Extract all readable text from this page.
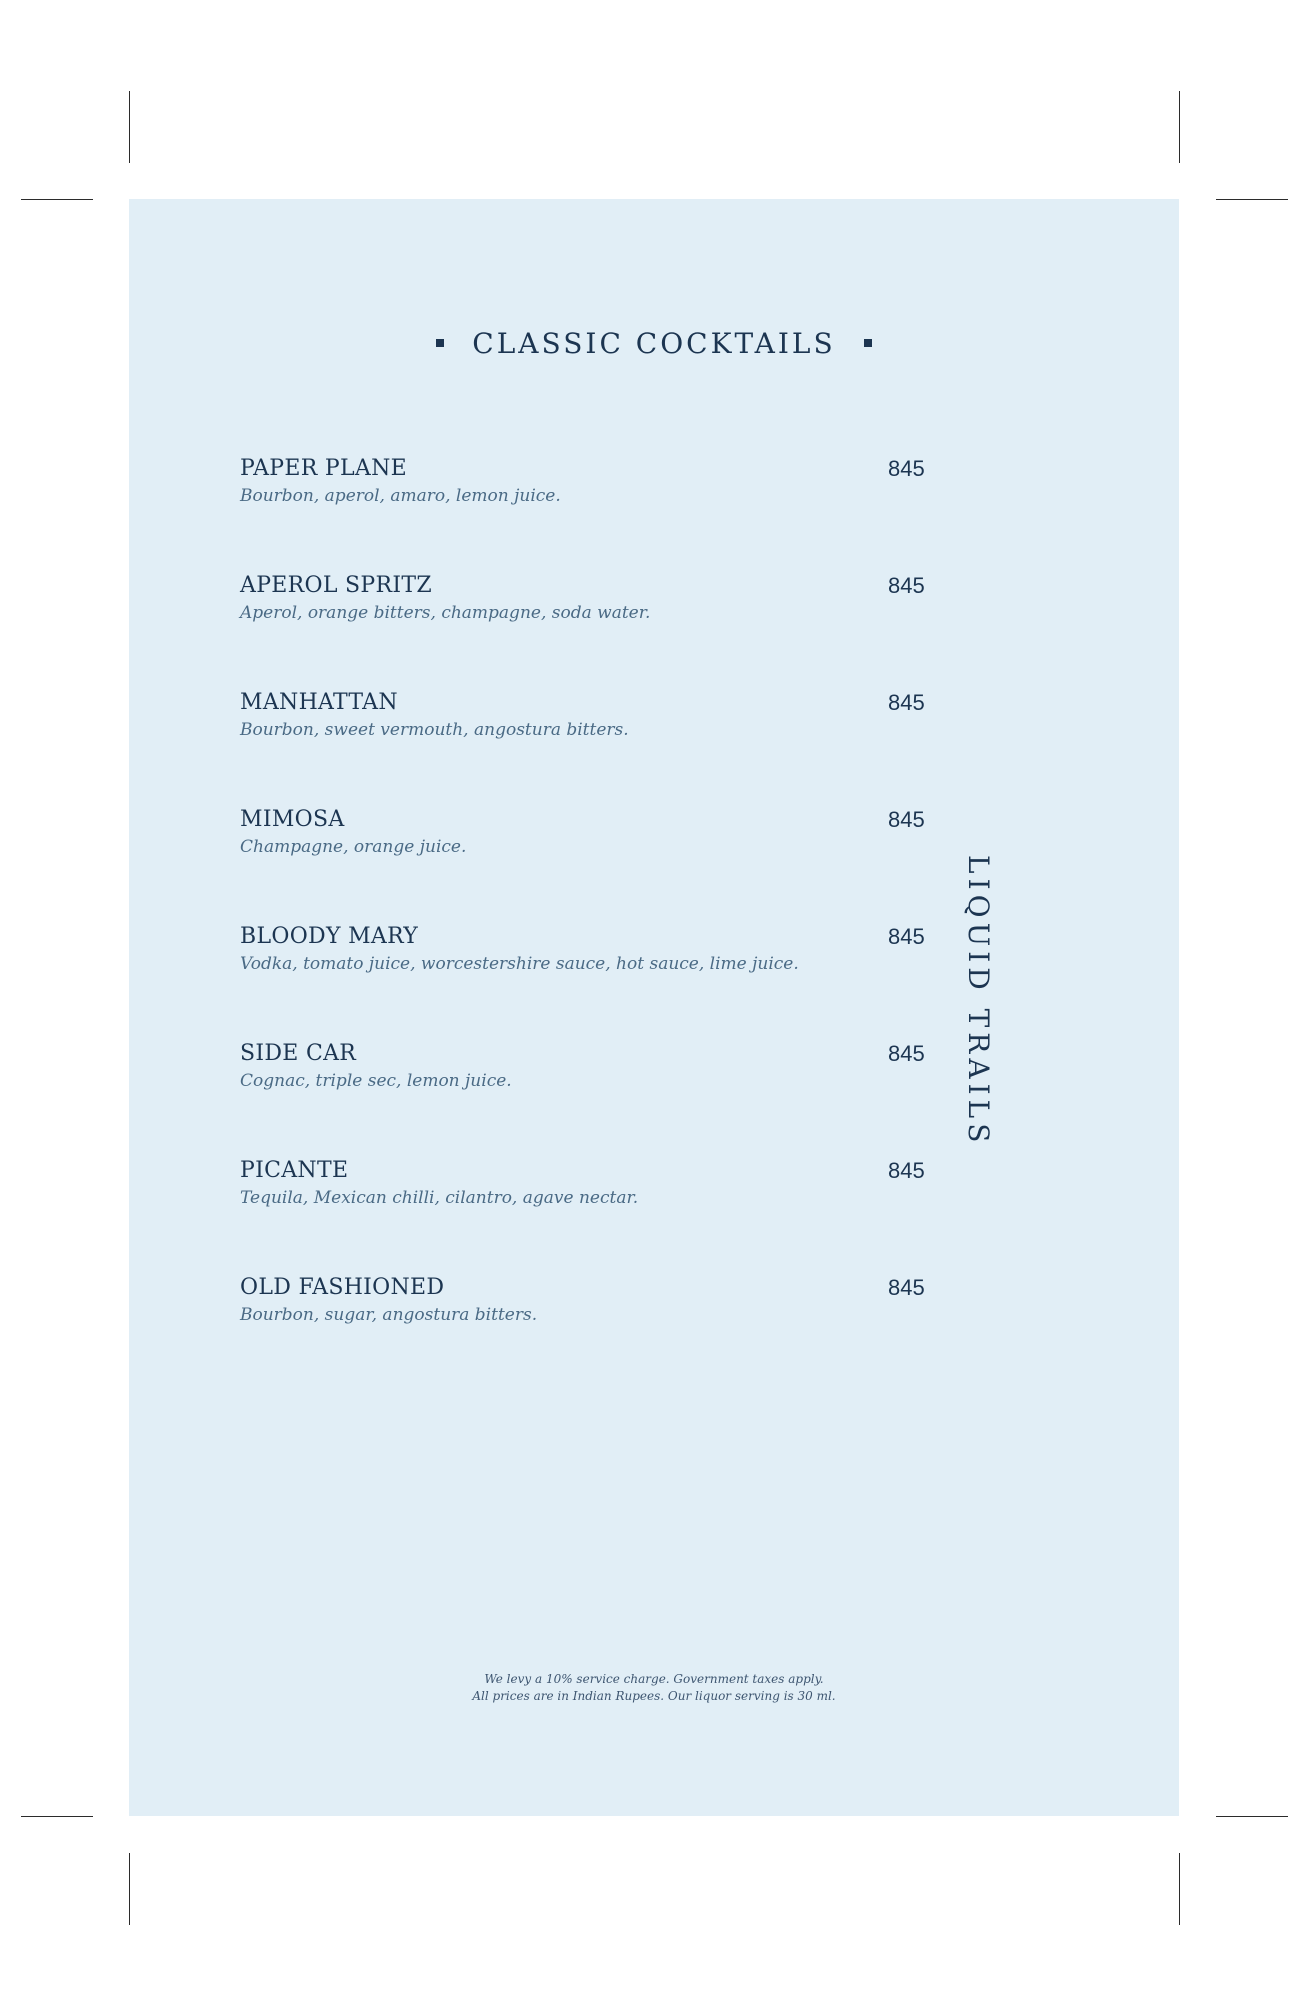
CLASSIC COCKTAILS
PAPER PLANE
Bourbon, aperol, amaro, lemon juice.
845
APEROL SPRITZ
Aperol, orange bitters, champagne, soda water.
845
MANHATTAN
Bourbon, sweet vermouth, angostura bitters.
845
MIMOSA
Champagne, orange juice.
845
BLOODY MARY
Vodka, tomato juice, worcestershire sauce, hot sauce, lime juice.
845
SIDE CAR
Cognac, triple sec, lemon juice.
845
PICANTE
Tequila, Mexican chilli, cilantro, agave nectar.
845
OLD FASHIONED
Bourbon, sugar, angostura bitters.
845
LIQUID TRAILS
We levy a 10% service charge. Government taxes apply.
All prices are in Indian Rupees. Our liquor serving is 30 ml.
